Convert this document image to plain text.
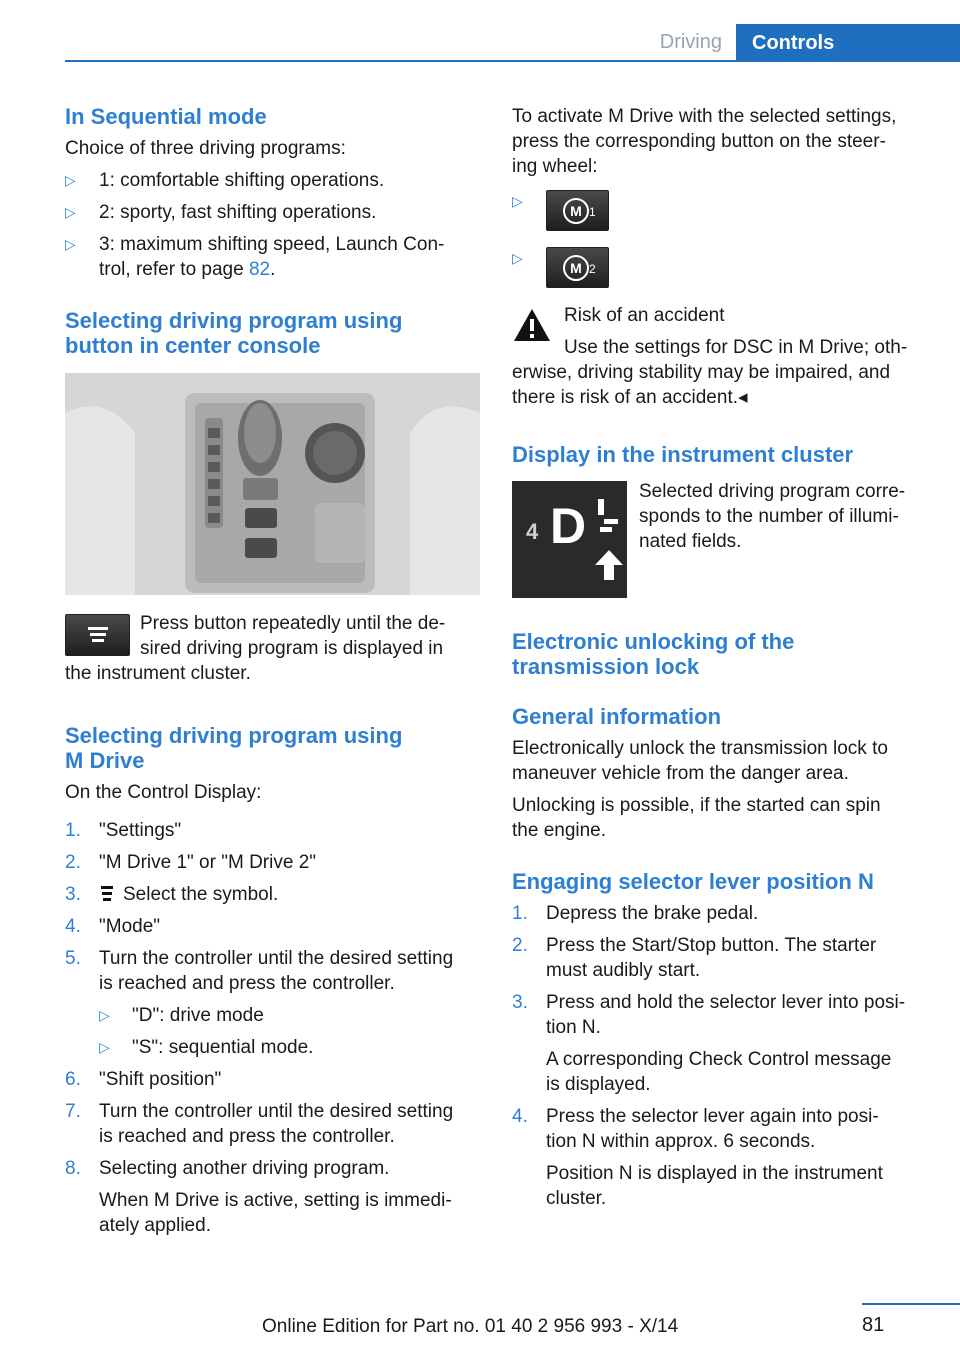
Driving	Controls
In Sequential mode
Choice of three driving programs:
▷ 1: comfortable shifting operations.
▷ 2: sporty, fast shifting operations.
▷ 3: maximum shifting speed, Launch Con-
trol, refer to page 82.
Selecting driving program using
button in center console
Press button repeatedly until the de-
sired driving program is displayed in
the instrument cluster.
Selecting driving program using
M Drive
On the Control Display:
1. "Settings"
2. "M Drive 1" or "M Drive 2"
3. Select the symbol.
4. "Mode"
5. Turn the controller until the desired setting
is reached and press the controller.
▷ "D": drive mode
▷ "S": sequential mode.
6. "Shift position"
7. Turn the controller until the desired setting
is reached and press the controller.
8. Selecting another driving program.
When M Drive is active, setting is immedi-
ately applied.
To activate M Drive with the selected settings,
press the corresponding button on the steer-
ing wheel:
▷
M 1
▷
M 2
Risk of an accident
Use the settings for DSC in M Drive; oth-
erwise, driving stability may be impaired, and
there is risk of an accident.◂
Display in the instrument cluster
4 D
Selected driving program corre-
sponds to the number of illumi-
nated fields.
Electronic unlocking of the
transmission lock
General information
Electronically unlock the transmission lock to
maneuver vehicle from the danger area.
Unlocking is possible, if the started can spin
the engine.
Engaging selector lever position N
1. Depress the brake pedal.
2. Press the Start/Stop button. The starter
must audibly start.
3. Press and hold the selector lever into posi-
tion N.
A corresponding Check Control message
is displayed.
4. Press the selector lever again into posi-
tion N within approx. 6 seconds.
Position N is displayed in the instrument
cluster.
81
Online Edition for Part no. 01 40 2 956 993 - X/14
